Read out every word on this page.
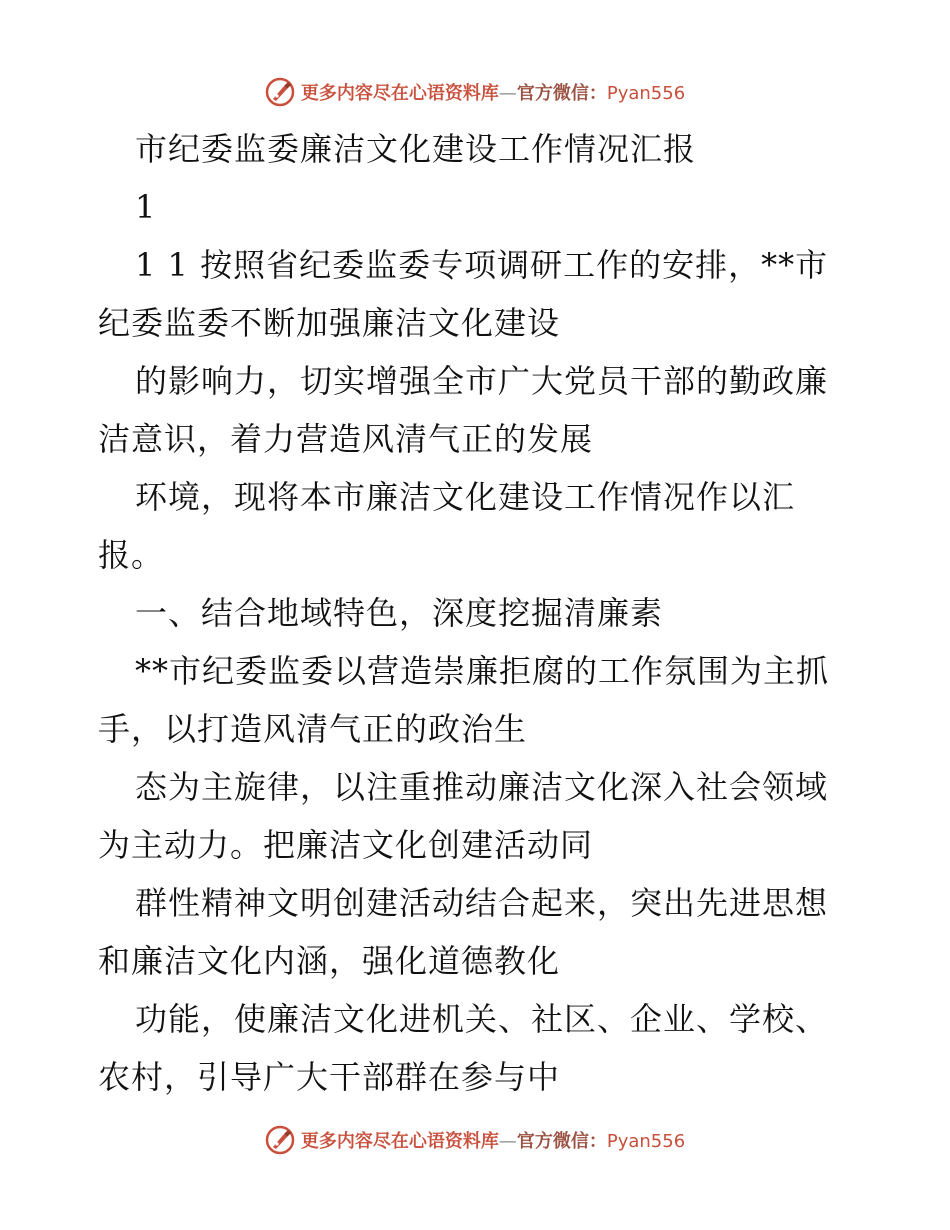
更多内容尽在心语资料库—官方微信：Pyan556
市纪委监委廉洁文化建设工作情况汇报
1
1 1 按照省纪委监委专项调研工作的安排，**市
纪委监委不断加强廉洁文化建设
的影响力，切实增强全市广大党员干部的勤政廉
洁意识，着力营造风清气正的发展
环境，现将本市廉洁文化建设工作情况作以汇
报。
一、结合地域特色，深度挖掘清廉素
**市纪委监委以营造崇廉拒腐的工作氛围为主抓
手，以打造风清气正的政治生
态为主旋律，以注重推动廉洁文化深入社会领域
为主动力。把廉洁文化创建活动同
群性精神文明创建活动结合起来，突出先进思想
和廉洁文化内涵，强化道德教化
功能，使廉洁文化进机关、社区、企业、学校、
农村，引导广大干部群在参与中
更多内容尽在心语资料库—官方微信：Pyan556
